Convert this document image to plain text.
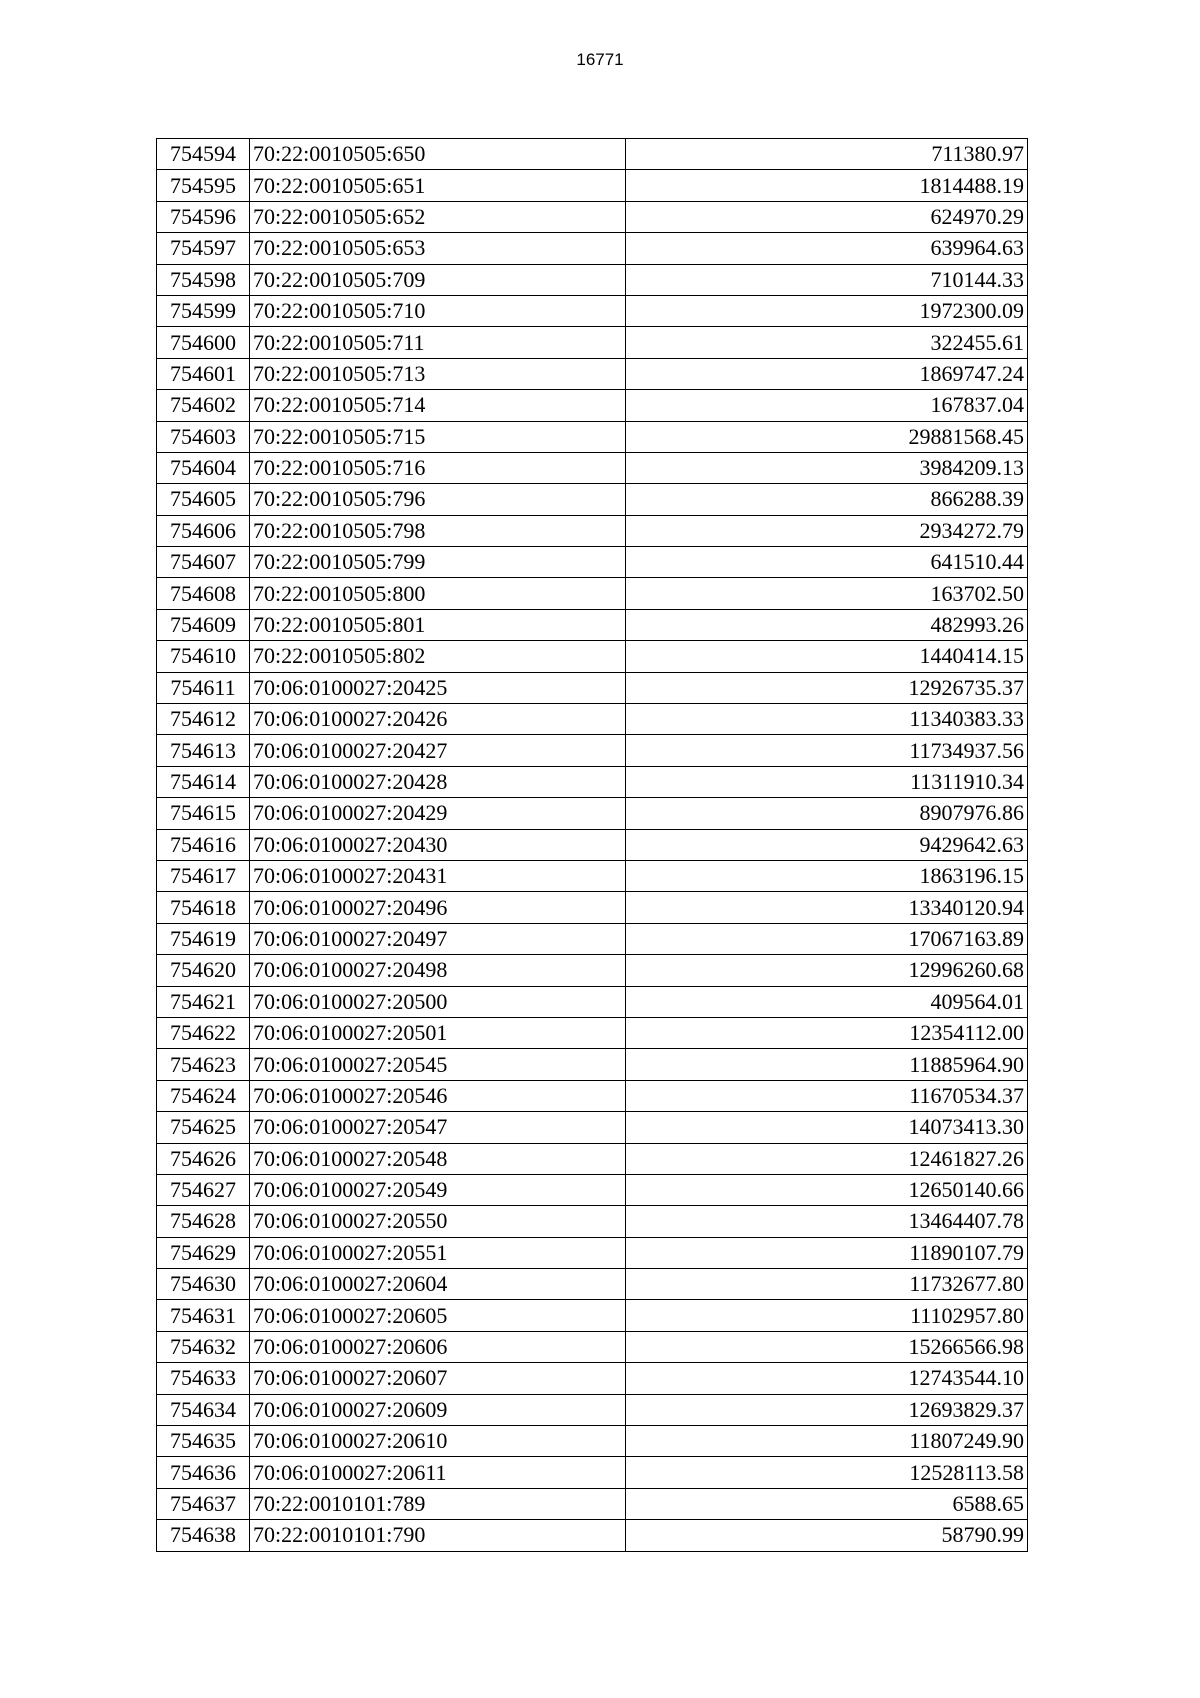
16771
754594	70:22:0010505:650	711380.97
754595	70:22:0010505:651	1814488.19
754596	70:22:0010505:652	624970.29
754597	70:22:0010505:653	639964.63
754598	70:22:0010505:709	710144.33
754599	70:22:0010505:710	1972300.09
754600	70:22:0010505:711	322455.61
754601	70:22:0010505:713	1869747.24
754602	70:22:0010505:714	167837.04
754603	70:22:0010505:715	29881568.45
754604	70:22:0010505:716	3984209.13
754605	70:22:0010505:796	866288.39
754606	70:22:0010505:798	2934272.79
754607	70:22:0010505:799	641510.44
754608	70:22:0010505:800	163702.50
754609	70:22:0010505:801	482993.26
754610	70:22:0010505:802	1440414.15
754611	70:06:0100027:20425	12926735.37
754612	70:06:0100027:20426	11340383.33
754613	70:06:0100027:20427	11734937.56
754614	70:06:0100027:20428	11311910.34
754615	70:06:0100027:20429	8907976.86
754616	70:06:0100027:20430	9429642.63
754617	70:06:0100027:20431	1863196.15
754618	70:06:0100027:20496	13340120.94
754619	70:06:0100027:20497	17067163.89
754620	70:06:0100027:20498	12996260.68
754621	70:06:0100027:20500	409564.01
754622	70:06:0100027:20501	12354112.00
754623	70:06:0100027:20545	11885964.90
754624	70:06:0100027:20546	11670534.37
754625	70:06:0100027:20547	14073413.30
754626	70:06:0100027:20548	12461827.26
754627	70:06:0100027:20549	12650140.66
754628	70:06:0100027:20550	13464407.78
754629	70:06:0100027:20551	11890107.79
754630	70:06:0100027:20604	11732677.80
754631	70:06:0100027:20605	11102957.80
754632	70:06:0100027:20606	15266566.98
754633	70:06:0100027:20607	12743544.10
754634	70:06:0100027:20609	12693829.37
754635	70:06:0100027:20610	11807249.90
754636	70:06:0100027:20611	12528113.58
754637	70:22:0010101:789	6588.65
754638	70:22:0010101:790	58790.99
